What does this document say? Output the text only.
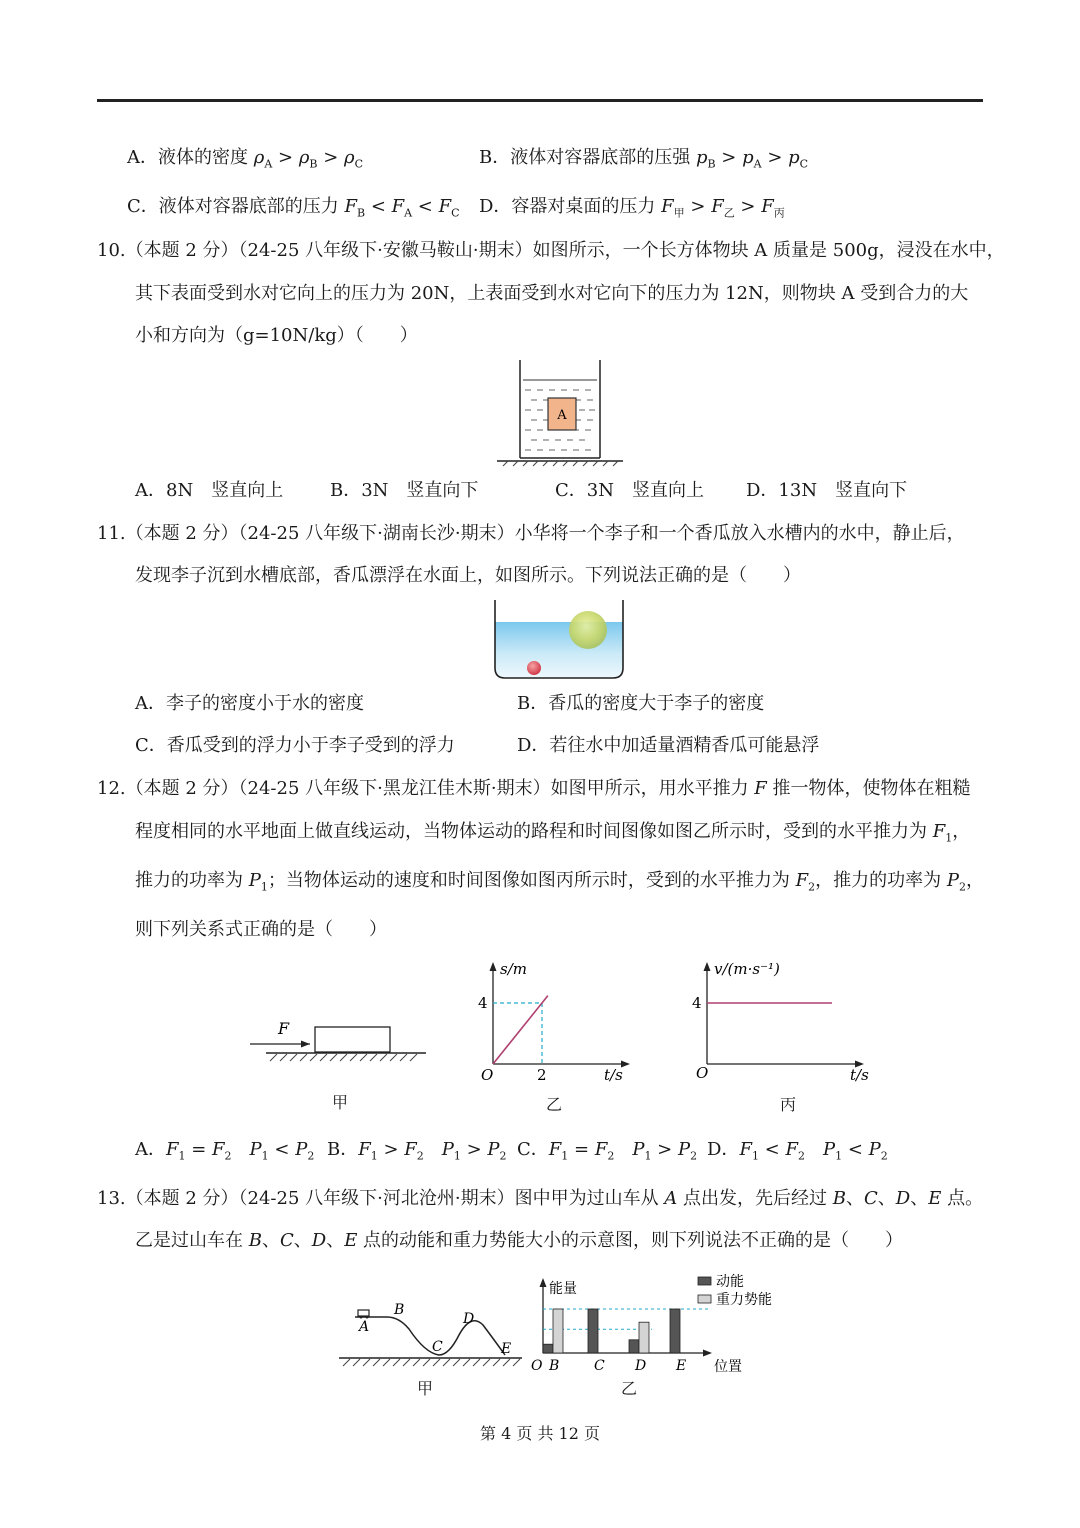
A．液体的密度 $\rho_A > \rho_B > \rho_C$	B．液体对容器底部的压强 $p_B > p_A > p_C$
C．液体对容器底部的压力 $F_B < F_A < F_C$ D．容器对桌面的压力 $F_甲 > F_乙 > F_丙$
10.（本题 2 分）（24-25 八年级下·安徽马鞍山·期末）如图所示，一个长方体物块 A 质量是 500g，浸没在水中，
其下表面受到水对它向上的压力为 20N，上表面受到水对它向下的压力为 12N，则物块 A 受到合力的大
小和方向为（g=10N/kg）（　　）
A
A．8N　竖直向上	B．3N　竖直向下	C．3N　竖直向上 D．13N　竖直向下
11.（本题 2 分）（24-25 八年级下·湖南长沙·期末）小华将一个李子和一个香瓜放入水槽内的水中，静止后，
发现李子沉到水槽底部，香瓜漂浮在水面上，如图所示。下列说法正确的是（　　）
A．李子的密度小于水的密度	B．香瓜的密度大于李子的密度
C．香瓜受到的浮力小于李子受到的浮力	D．若往水中加适量酒精香瓜可能悬浮
12.（本题 2 分）（24-25 八年级下·黑龙江佳木斯·期末）如图甲所示，用水平推力 F 推一物体，使物体在粗糙
程度相同的水平地面上做直线运动，当物体运动的路程和时间图像如图乙所示时，受到的水平推力为 $F_1$，
推力的功率为 $P_1$；当物体运动的速度和时间图像如图丙所示时，受到的水平推力为 $F_2$，推力的功率为 $P_2$，
则下列关系式正确的是（　　）
F
甲
s/m
4
O	2	t/s
乙
v/(m·s⁻¹)
4
O	t/s
丙
A．$F_1 = F_2$　 $P_1 < P_2$ B．$F_1 > F_2$　 $P_1 > P_2$ C．$F_1 = F_2$　 $P_1 > P_2$ D．$F_1 < F_2$　 $P_1 < P_2$
13.（本题 2 分）（24-25 八年级下·河北沧州·期末）图中甲为过山车从 A 点出发，先后经过 B、C、D、E 点。
乙是过山车在 B、C、D、E 点的动能和重力势能大小的示意图，则下列说法不正确的是（　　）
A
B
C
D
E
甲
能量
O B C D E 位置
动能
重力势能
乙
第 4 页 共 12 页
